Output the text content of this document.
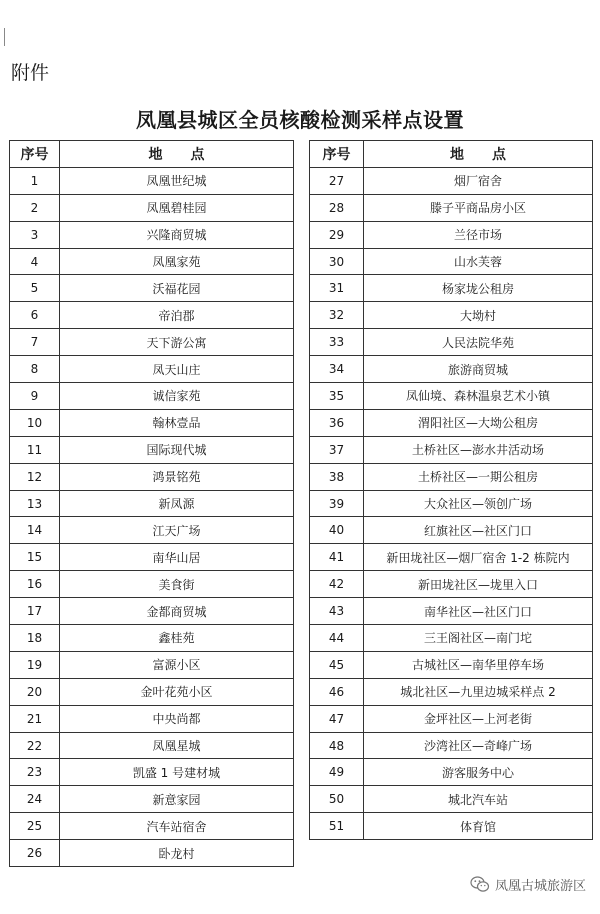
附件
凤凰县城区全员核酸检测采样点设置
序号	地　　点
1	凤凰世纪城
2	凤凰碧桂园
3	兴隆商贸城
4	凤凰家苑
5	沃福花园
6	帝泊郡
7	天下游公寓
8	凤天山庄
9	诚信家苑
10	翰林壹品
11	国际现代城
12	鸿景铭苑
13	新凤源
14	江天广场
15	南华山居
16	美食街
17	金都商贸城
18	鑫桂苑
19	富源小区
20	金叶花苑小区
21	中央尚都
22	凤凰星城
23	凯盛 1 号建材城
24	新意家园
25	汽车站宿舍
26	卧龙村
序号	地　　点
27	烟厂宿舍
28	滕子平商品房小区
29	兰径市场
30	山水芙蓉
31	杨家垅公租房
32	大坳村
33	人民法院华苑
34	旅游商贸城
35	凤仙境、森林温泉艺术小镇
36	渭阳社区—大坳公租房
37	土桥社区—澎水井活动场
38	土桥社区—一期公租房
39	大众社区—领创广场
40	红旗社区—社区门口
41	新田垅社区—烟厂宿舍 1-2 栋院内
42	新田垅社区—垅里入口
43	南华社区—社区门口
44	三王阁社区—南门坨
45	古城社区—南华里停车场
46	城北社区—九里边城采样点 2
47	金坪社区—上河老街
48	沙湾社区—奇峰广场
49	游客服务中心
50	城北汽车站
51	体育馆
凤凰古城旅游区
